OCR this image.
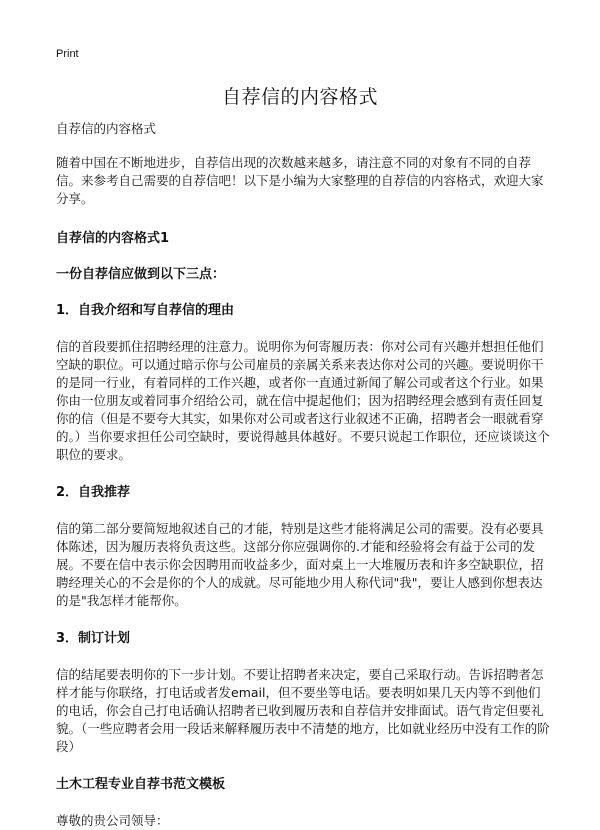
Print
自荐信的内容格式

自荐信的内容格式

随着中国在不断地进步，自荐信出现的次数越来越多，请注意不同的对象有不同的自荐信。来参考自己需要的自荐信吧！以下是小编为大家整理的自荐信的内容格式，欢迎大家分享。

自荐信的内容格式1

一份自荐信应做到以下三点：

1．自我介绍和写自荐信的理由

信的首段要抓住招聘经理的注意力。说明你为何寄履历表：你对公司有兴趣并想担任他们空缺的职位。可以通过暗示你与公司雇员的亲属关系来表达你对公司的兴趣。要说明你干的是同一行业，有着同样的工作兴趣，或者你一直通过新闻了解公司或者这个行业。如果你由一位朋友或着同事介绍给公司，就在信中提起他们；因为招聘经理会感到有责任回复你的信（但是不要夸大其实，如果你对公司或者这行业叙述不正确，招聘者会一眼就看穿的。）当你要求担任公司空缺时，要说得越具体越好。不要只说起工作职位，还应谈谈这个职位的要求。

2．自我推荐

信的第二部分要简短地叙述自己的才能，特别是这些才能将满足公司的需要。没有必要具体陈述，因为履历表将负责这些。这部分你应强调你的.才能和经验将会有益于公司的发展。不要在信中表示你会因聘用而收益多少，面对桌上一大堆履历表和许多空缺职位，招聘经理关心的不会是你的个人的成就。尽可能地少用人称代词"我"，要让人感到你想表达的是"我怎样才能帮你。

3．制订计划

信的结尾要表明你的下一步计划。不要让招聘者来决定，要自己采取行动。告诉招聘者怎样才能与你联络，打电话或者发email，但不要坐等电话。要表明如果几天内等不到他们的电话，你会自己打电话确认招聘者已收到履历表和自荐信并安排面试。语气肯定但要礼貌。（一些应聘者会用一段话来解释履历表中不清楚的地方，比如就业经历中没有工作的阶段）

土木工程专业自荐书范文模板

尊敬的贵公司领导：
